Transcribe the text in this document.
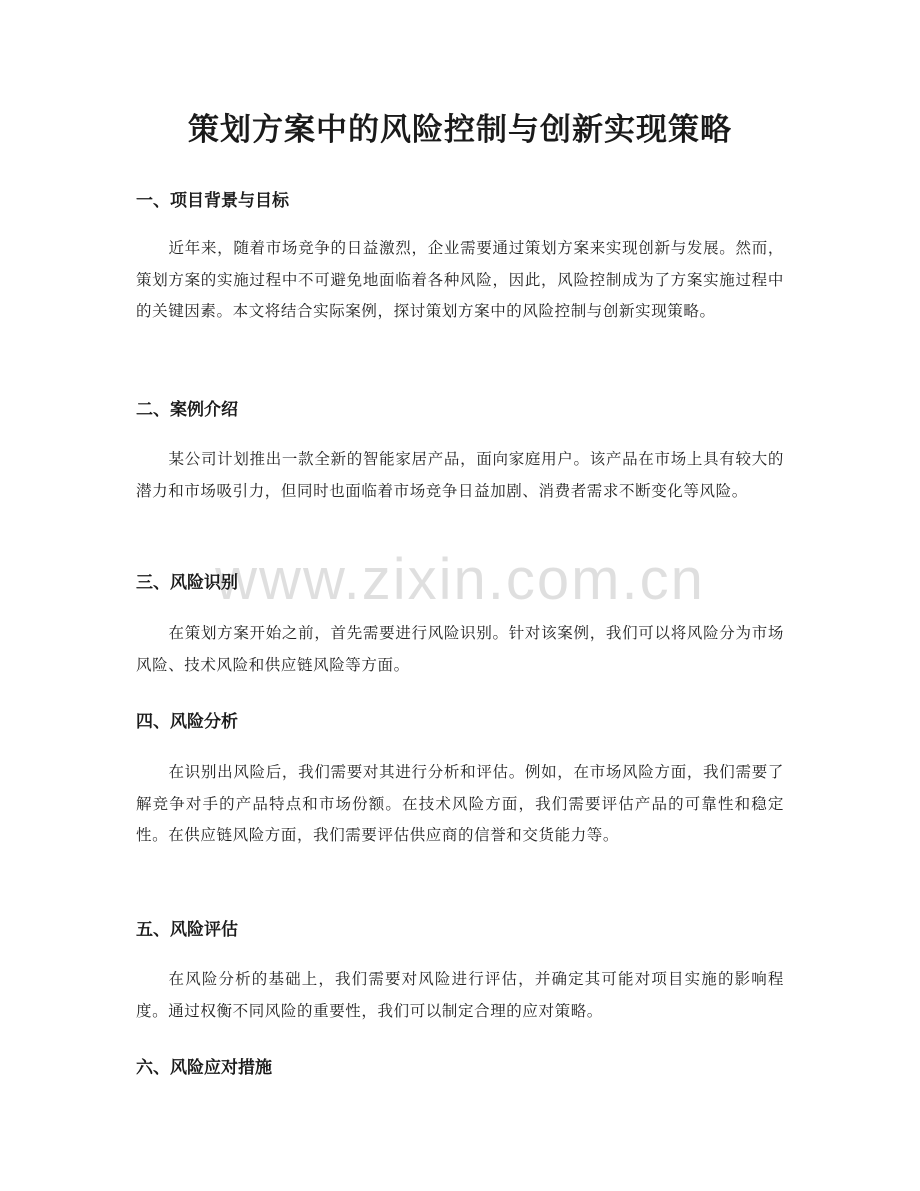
策划方案中的风险控制与创新实现策略
一、项目背景与目标

近年来，随着市场竞争的日益激烈，企业需要通过策划方案来实现创新与发展。然而，策划方案的实施过程中不可避免地面临着各种风险，因此，风险控制成为了方案实施过程中的关键因素。本文将结合实际案例，探讨策划方案中的风险控制与创新实现策略。

二、案例介绍

某公司计划推出一款全新的智能家居产品，面向家庭用户。该产品在市场上具有较大的潜力和市场吸引力，但同时也面临着市场竞争日益加剧、消费者需求不断变化等风险。

三、风险识别

在策划方案开始之前，首先需要进行风险识别。针对该案例，我们可以将风险分为市场风险、技术风险和供应链风险等方面。

四、风险分析

在识别出风险后，我们需要对其进行分析和评估。例如，在市场风险方面，我们需要了解竞争对手的产品特点和市场份额。在技术风险方面，我们需要评估产品的可靠性和稳定性。在供应链风险方面，我们需要评估供应商的信誉和交货能力等。

五、风险评估

在风险分析的基础上，我们需要对风险进行评估，并确定其可能对项目实施的影响程度。通过权衡不同风险的重要性，我们可以制定合理的应对策略。

六、风险应对措施
www.zixin.com.cn
